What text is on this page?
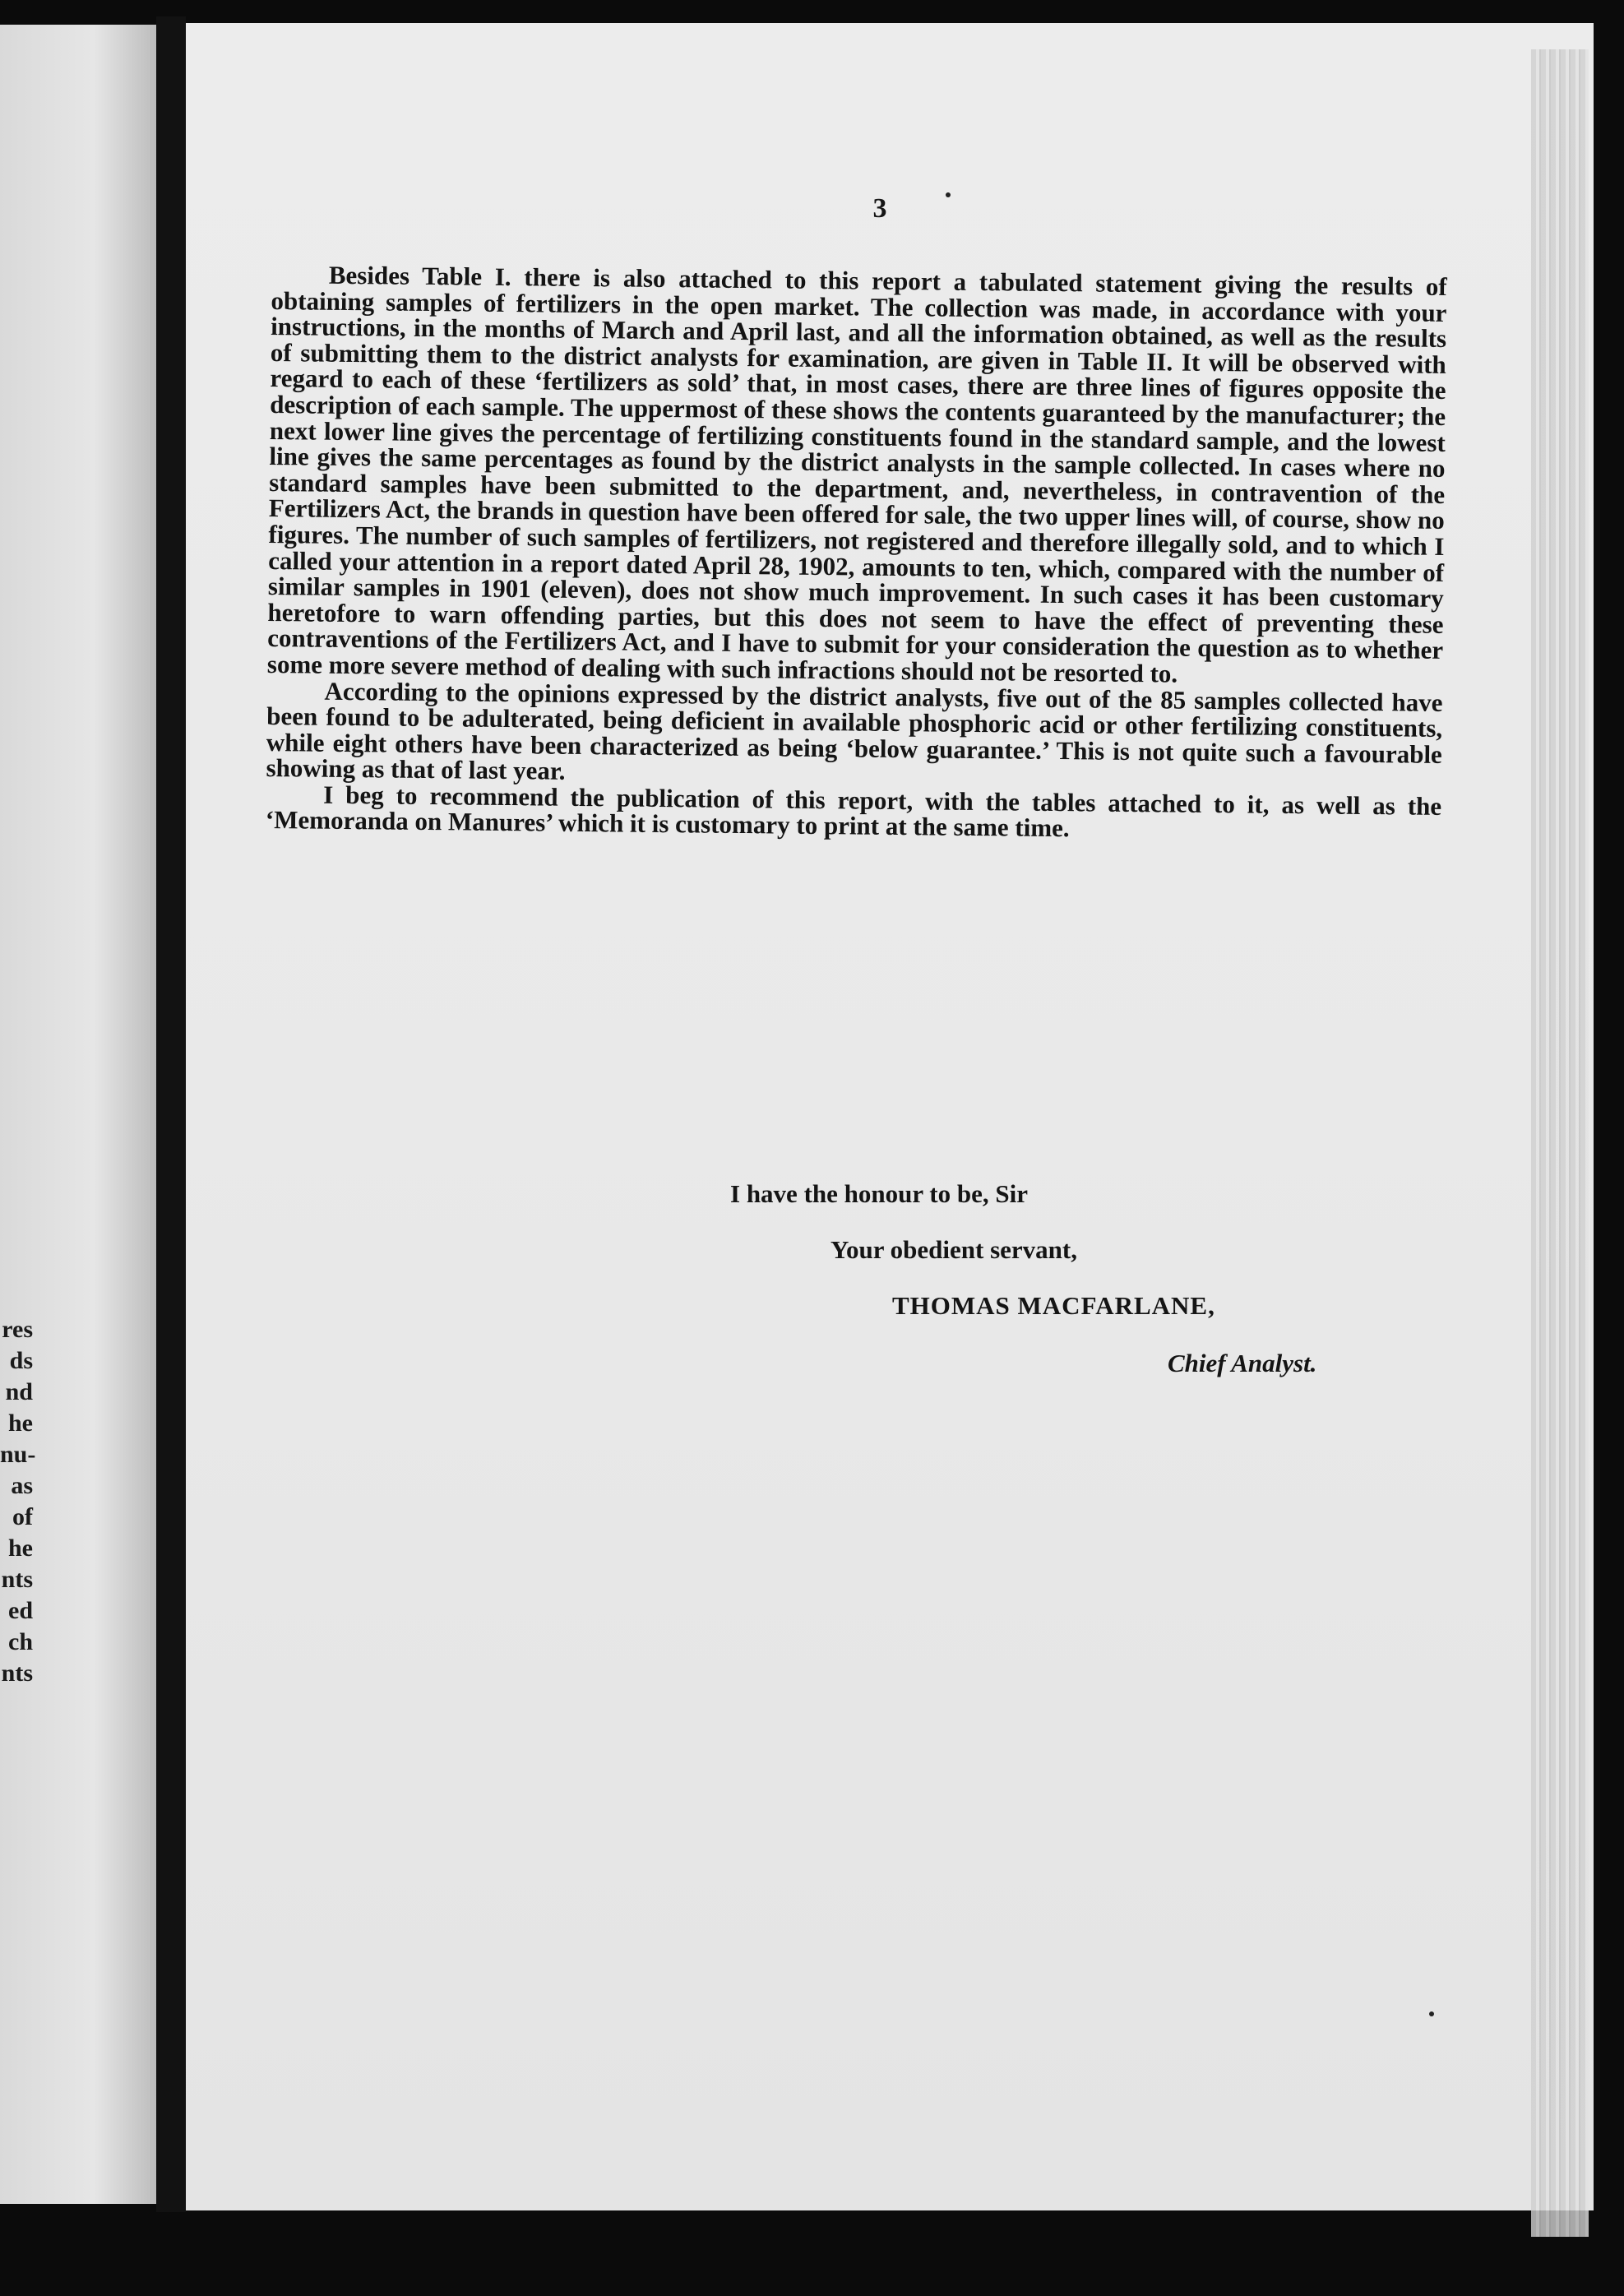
res
ds
nd
he
nu-
as
of
he
nts
ed
ch
nts
3

Besides Table I. there is also attached to this report a tabulated statement giving the results of obtaining samples of fertilizers in the open market. The collection was made, in accordance with your instructions, in the months of March and April last, and all the information obtained, as well as the results of submitting them to the district analysts for examination, are given in Table II. It will be observed with regard to each of these ‘fertilizers as sold’ that, in most cases, there are three lines of figures opposite the description of each sample. The uppermost of these shows the contents guaranteed by the manufacturer; the next lower line gives the percentage of fertilizing constituents found in the standard sample, and the lowest line gives the same percentages as found by the district analysts in the sample collected. In cases where no standard samples have been submitted to the department, and, nevertheless, in contravention of the Fertilizers Act, the brands in question have been offered for sale, the two upper lines will, of course, show no figures. The number of such samples of fertilizers, not registered and therefore illegally sold, and to which I called your attention in a report dated April 28, 1902, amounts to ten, which, compared with the number of similar samples in 1901 (eleven), does not show much improvement. In such cases it has been customary heretofore to warn offending parties, but this does not seem to have the effect of preventing these contraventions of the Fertilizers Act, and I have to submit for your consideration the question as to whether some more severe method of dealing with such infractions should not be resorted to.

According to the opinions expressed by the district analysts, five out of the 85 samples collected have been found to be adulterated, being deficient in available phosphoric acid or other fertilizing constituents, while eight others have been characterized as being ‘below guarantee.’ This is not quite such a favourable showing as that of last year.

I beg to recommend the publication of this report, with the tables attached to it, as well as the ‘Memoranda on Manures’ which it is customary to print at the same time.

I have the honour to be, Sir
Your obedient servant,
THOMAS MACFARLANE,
Chief Analyst.
